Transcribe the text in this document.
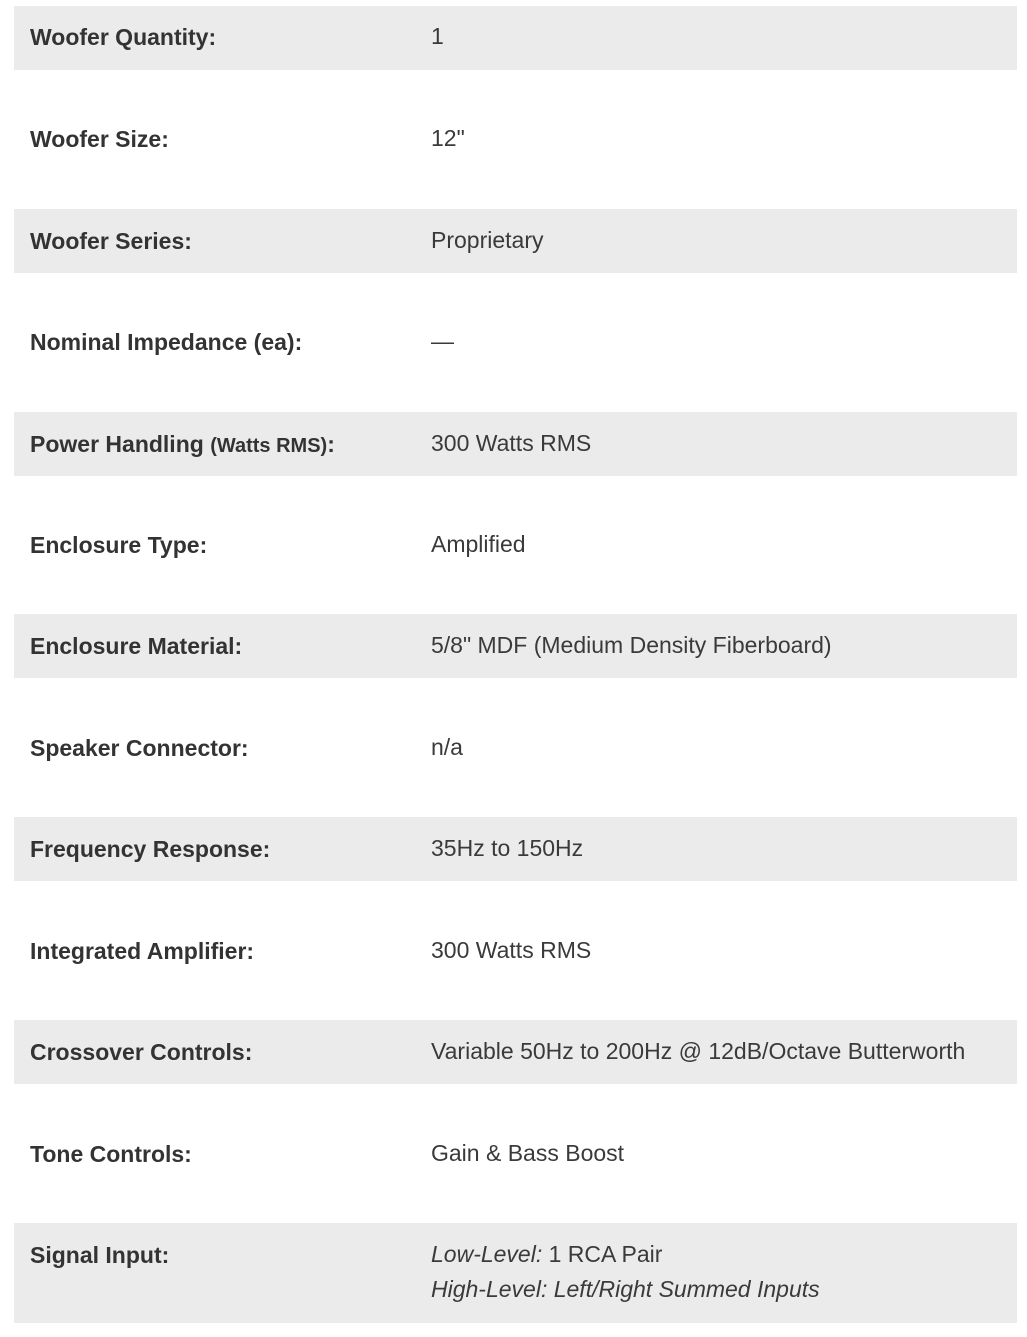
Woofer Quantity:	1
Woofer Size:	12"
Woofer Series:	Proprietary
Nominal Impedance (ea):	—
Power Handling (Watts RMS):	300 Watts RMS
Enclosure Type:	Amplified
Enclosure Material:	5/8" MDF (Medium Density Fiberboard)
Speaker Connector:	n/a
Frequency Response:	35Hz to 150Hz
Integrated Amplifier:	300 Watts RMS
Crossover Controls:	Variable 50Hz to 200Hz @ 12dB/Octave Butterworth
Tone Controls:	Gain & Bass Boost
Signal Input:	Low-Level: 1 RCA Pair
High-Level: Left/Right Summed Inputs
